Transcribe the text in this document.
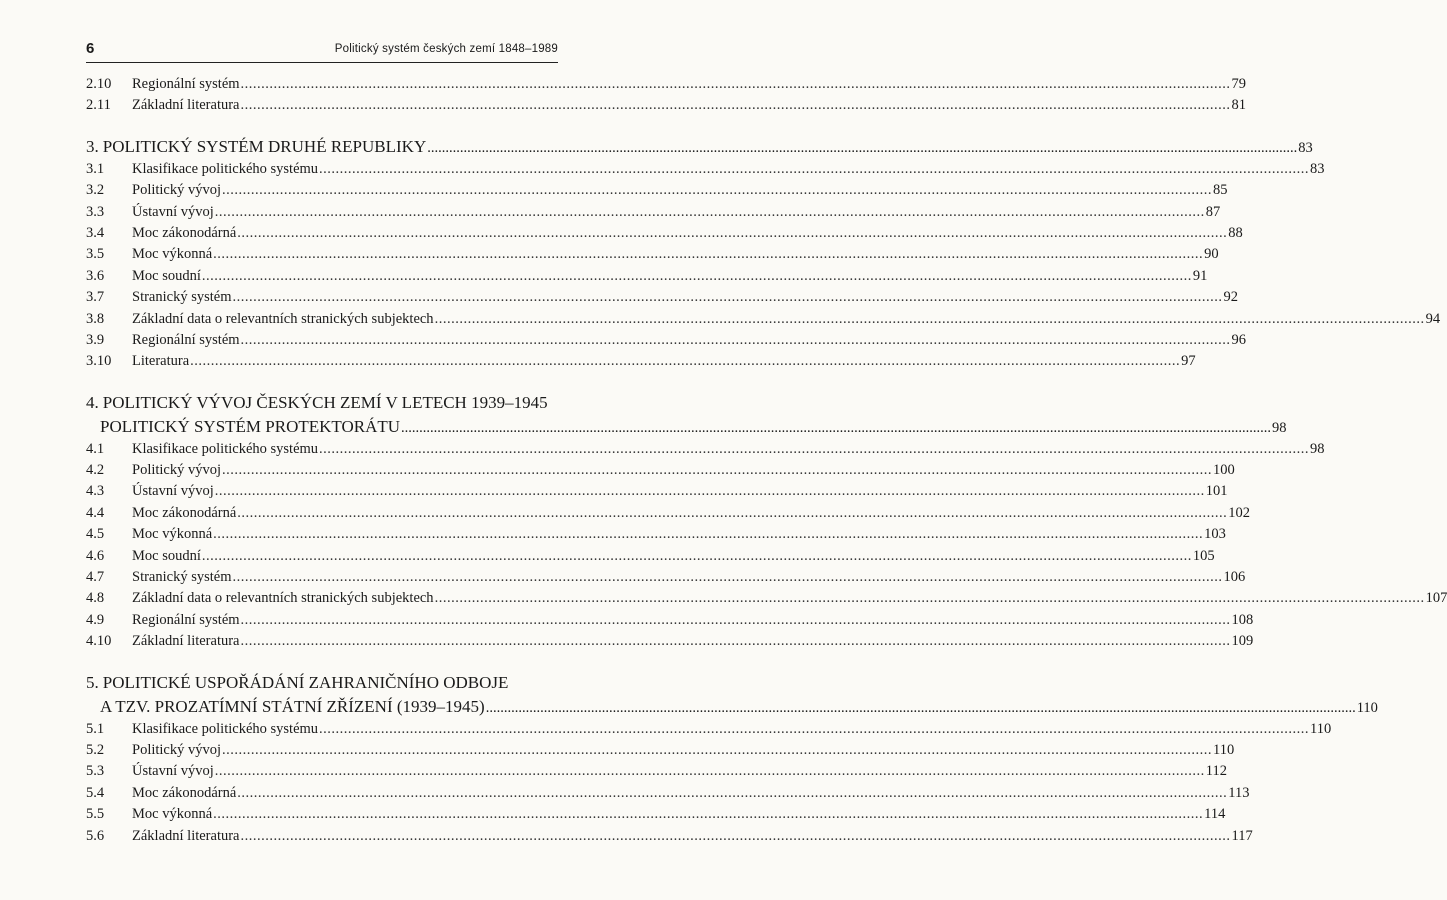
6	Politický systém českých zemí 1848–1989
2.10	Regionální systém .....	79
2.11	Základní literatura .....	81
3. POLITICKÝ SYSTÉM DRUHÉ REPUBLIKY .....	83
3.1	Klasifikace politického systému .....	83
3.2	Politický vývoj .....	85
3.3	Ústavní vývoj .....	87
3.4	Moc zákonodárná .....	88
3.5	Moc výkonná .....	90
3.6	Moc soudní .....	91
3.7	Stranický systém .....	92
3.8	Základní data o relevantních stranických subjektech .....	94
3.9	Regionální systém .....	96
3.10	Literatura .....	97
4. POLITICKÝ VÝVOJ ČESKÝCH ZEMÍ V LETECH 1939–1945
POLITICKÝ SYSTÉM PROTEKTORÁTU .....	98
4.1	Klasifikace politického systému .....	98
4.2	Politický vývoj .....	100
4.3	Ústavní vývoj .....	101
4.4	Moc zákonodárná .....	102
4.5	Moc výkonná .....	103
4.6	Moc soudní .....	105
4.7	Stranický systém .....	106
4.8	Základní data o relevantních stranických subjektech .....	107
4.9	Regionální systém .....	108
4.10	Základní literatura .....	109
5. POLITICKÉ USPOŘÁDÁNÍ ZAHRANIČNÍHO ODBOJE
A TZV. PROZATÍMNÍ STÁTNÍ ZŘÍZENÍ (1939–1945) .....	110
5.1	Klasifikace politického systému .....	110
5.2	Politický vývoj .....	110
5.3	Ústavní vývoj .....	112
5.4	Moc zákonodárná .....	113
5.5	Moc výkonná .....	114
5.6	Základní literatura .....	117
